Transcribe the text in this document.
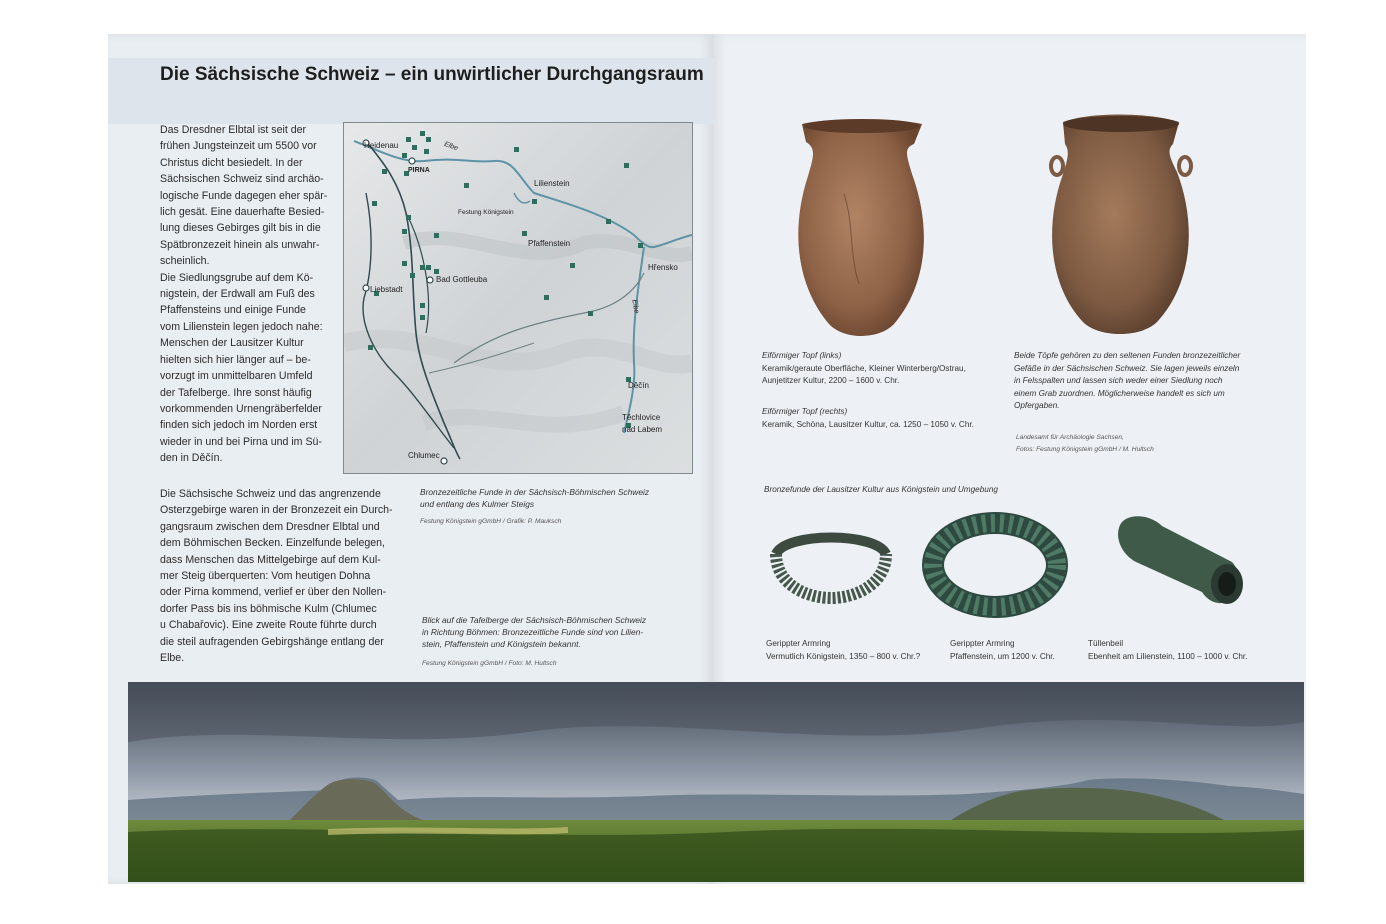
Die Sächsische Schweiz – ein unwirtlicher Durchgangsraum

Das Dresdner Elbtal ist seit der

frühen Jungsteinzeit um 5500 vor

Christus dicht besiedelt. In der

Sächsischen Schweiz sind archäo-

logische Funde dagegen eher spär-

lich gesät. Eine dauerhafte Besied-

lung dieses Gebirges gilt bis in die

Spätbronzezeit hinein als unwahr-

scheinlich.

Die Siedlungsgrube auf dem Kö-

nigstein, der Erdwall am Fuß des

Pfaffensteins und einige Funde

vom Lilienstein legen jedoch nahe:

Menschen der Lausitzer Kultur

hielten sich hier länger auf – be-

vorzugt im unmittelbaren Umfeld

der Tafelberge. Ihre sonst häufig

vorkommenden Urnengräberfelder

finden sich jedoch im Norden erst

wieder in und bei Pirna und im Sü-

den in Děčín.

Die Sächsische Schweiz und das angrenzende

Osterzgebirge waren in der Bronzezeit ein Durch-

gangsraum zwischen dem Dresdner Elbtal und

dem Böhmischen Becken. Einzelfunde belegen,

dass Menschen das Mittelgebirge auf dem Kul-

mer Steig überquerten: Vom heutigen Dohna

oder Pirna kommend, verlief er über den Nollen-

dorfer Pass bis ins böhmische Kulm (Chlumec

u Chabařovic). Eine zweite Route führte durch

die steil aufragenden Gebirgshänge entlang der

Elbe.

Heidenau
PIRNA
Elbe
Lilienstein
Festung Königstein
Pfaffenstein
Hřensko
Liebstadt
Bad Gottleuba
Elbe
Děčín
Těchlovice
nad Labem
Chlumec
Bronzezeitliche Funde in der Sächsisch-Böhmischen Schweiz
und entlang des Kulmer Steigs
Festung Königstein gGmbH / Grafik: P. Mauksch
Blick auf die Tafelberge der Sächsisch-Böhmischen Schweiz
in Richtung Böhmen: Bronzezeitliche Funde sind von Lilien-
stein, Pfaffenstein und Königstein bekannt.
Festung Königstein gGmbH / Foto: M. Hultsch
Eiförmiger Topf (links)
Keramik/geraute Oberfläche, Kleiner Winterberg/Ostrau,
Aunjetitzer Kultur, 2200 – 1600 v. Chr.
Eiförmiger Topf (rechts)
Keramik, Schöna, Lausitzer Kultur, ca. 1250 – 1050 v. Chr.
Beide Töpfe gehören zu den seltenen Funden bronzezeitlicher
Gefäße in der Sächsischen Schweiz. Sie lagen jeweils einzeln
in Felsspalten und lassen sich weder einer Siedlung noch
einem Grab zuordnen. Möglicherweise handelt es sich um
Opfergaben.
Landesamt für Archäologie Sachsen,
Fotos: Festung Königstein gGmbH / M. Hultsch
Bronzefunde der Lausitzer Kultur aus Königstein und Umgebung
Gerippter Armring
Vermutlich Königstein, 1350 – 800 v. Chr.?
Gerippter Armring
Pfaffenstein, um 1200 v. Chr.
Tüllenbeil
Ebenheit am Lilienstein, 1100 – 1000 v. Chr.
